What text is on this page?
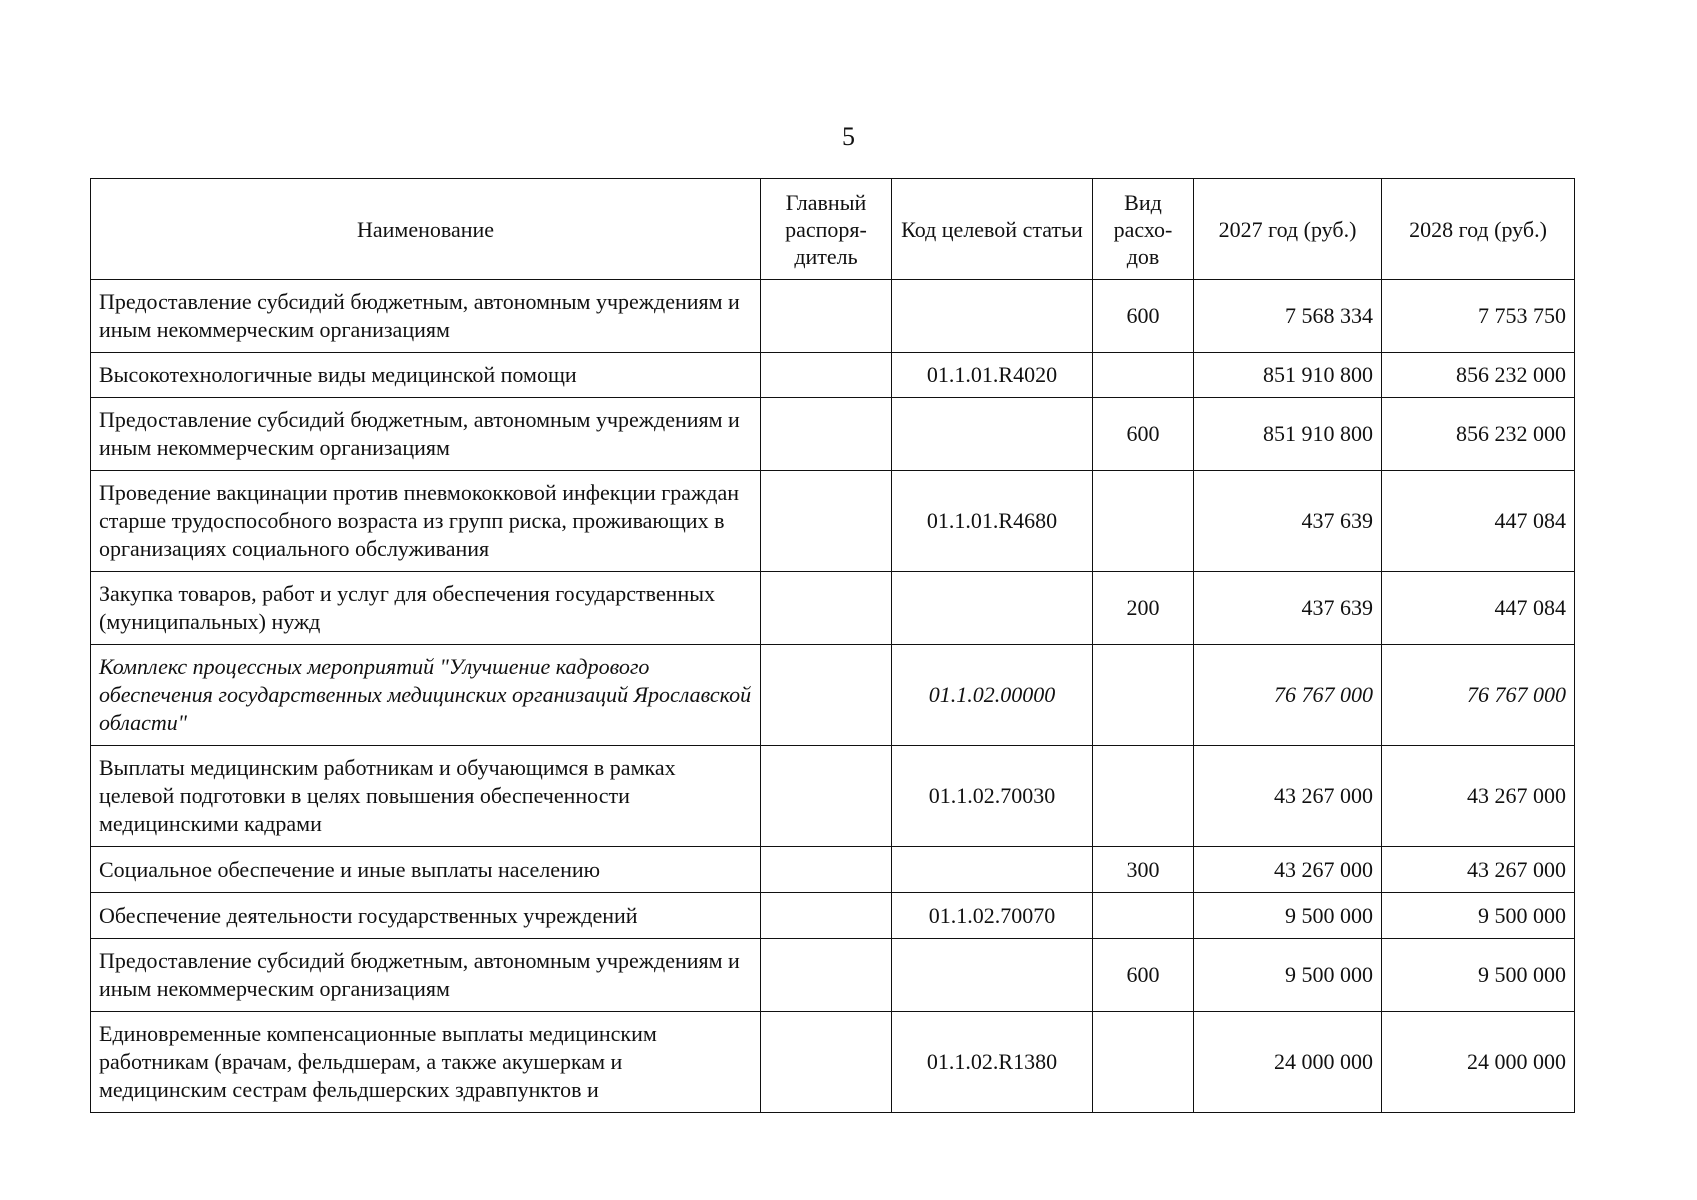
5
Наименование	Главный распоря-дитель	Код целевой статьи	Вид расхо-дов	2027 год (руб.)	2028 год (руб.)
Предоставление субсидий бюджетным, автономным учреждениям и иным некоммерческим организациям			600	7 568 334	7 753 750
Высокотехнологичные виды медицинской помощи		01.1.01.R4020		851 910 800	856 232 000
Предоставление субсидий бюджетным, автономным учреждениям и иным некоммерческим организациям			600	851 910 800	856 232 000
Проведение вакцинации против пневмококковой инфекции граждан старше трудоспособного возраста из групп риска, проживающих в организациях социального обслуживания		01.1.01.R4680		437 639	447 084
Закупка товаров, работ и услуг для обеспечения государственных (муниципальных) нужд			200	437 639	447 084
Комплекс процессных мероприятий "Улучшение кадрового обеспечения государственных медицинских организаций Ярославской области"		01.1.02.00000		76 767 000	76 767 000
Выплаты медицинским работникам и обучающимся в рамках целевой подготовки в целях повышения обеспеченности медицинскими кадрами		01.1.02.70030		43 267 000	43 267 000
Социальное обеспечение и иные выплаты населению			300	43 267 000	43 267 000
Обеспечение деятельности государственных учреждений		01.1.02.70070		9 500 000	9 500 000
Предоставление субсидий бюджетным, автономным учреждениям и иным некоммерческим организациям			600	9 500 000	9 500 000
Единовременные компенсационные выплаты медицинским работникам (врачам, фельдшерам, а также акушеркам и медицинским сестрам фельдшерских здравпунктов и		01.1.02.R1380		24 000 000	24 000 000
